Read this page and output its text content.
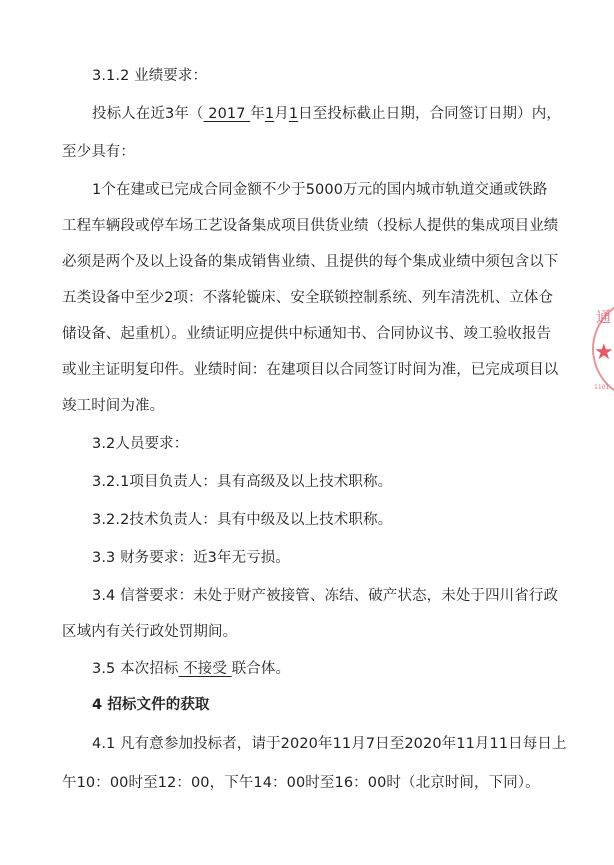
3.1.2 业绩要求：
投标人在近3年（ 2017 年1月1日至投标截止日期，合同签订日期）内，
至少具有：
1个在建或已完成合同金额不少于5000万元的国内城市轨道交通或铁路
工程车辆段或停车场工艺设备集成项目供货业绩（投标人提供的集成项目业绩
必须是两个及以上设备的集成销售业绩、且提供的每个集成业绩中须包含以下
五类设备中至少2项：不落轮镟床、安全联锁控制系统、列车清洗机、立体仓
储设备、起重机）。业绩证明应提供中标通知书、合同协议书、竣工验收报告
或业主证明复印件。业绩时间：在建项目以合同签订时间为准，已完成项目以
竣工时间为准。
3.2人员要求：
3.2.1项目负责人：具有高级及以上技术职称。
3.2.2技术负责人：具有中级及以上技术职称。
3.3 财务要求：近3年无亏损。
3.4 信誉要求：未处于财产被接管、冻结、破产状态，未处于四川省行政
区域内有关行政处罚期间。
3.5 本次招标 不接受 联合体。
4 招标文件的获取
4.1 凡有意参加投标者，请于2020年11月7日至2020年11月11日每日上
午10：00时至12：00，下午14：00时至16：00时（北京时间，下同）。
通
★
1101
